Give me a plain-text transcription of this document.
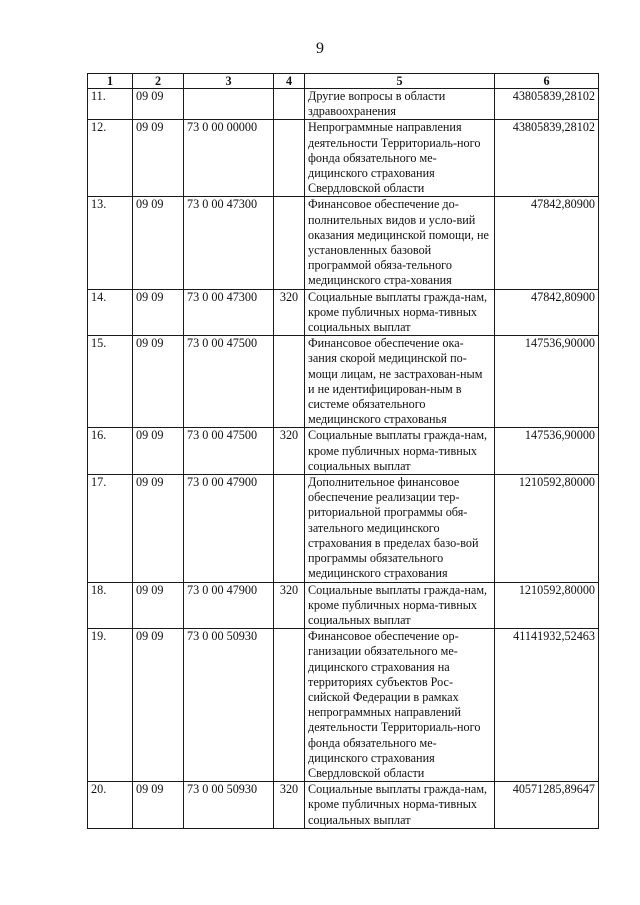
9
1	2	3	4	5	6
11.	09 09			Другие вопросы в области здравоохранения	43805839,28102
12.	09 09	73 0 00 00000		Непрограммные направления деятельности Территориаль-ного фонда обязательного ме-дицинского страхования Свердловской области	43805839,28102
13.	09 09	73 0 00 47300		Финансовое обеспечение до-полнительных видов и усло-вий оказания медицинской помощи, не установленных базовой программой обяза-тельного медицинского стра-хования	47842,80900
14.	09 09	73 0 00 47300	320	Социальные выплаты гражда-нам, кроме публичных норма-тивных социальных выплат	47842,80900
15.	09 09	73 0 00 47500		Финансовое обеспечение ока-зания скорой медицинской по-мощи лицам, не застрахован-ным и не идентифицирован-ным в системе обязательного медицинского страхованья	147536,90000
16.	09 09	73 0 00 47500	320	Социальные выплаты гражда-нам, кроме публичных норма-тивных социальных выплат	147536,90000
17.	09 09	73 0 00 47900		Дополнительное финансовое обеспечение реализации тер-риториальной программы обя-зательного медицинского страхования в пределах базо-вой программы обязательного медицинского страхования	1210592,80000
18.	09 09	73 0 00 47900	320	Социальные выплаты гражда-нам, кроме публичных норма-тивных социальных выплат	1210592,80000
19.	09 09	73 0 00 50930		Финансовое обеспечение ор-ганизации обязательного ме-дицинского страхования на территориях субъектов Рос-сийской Федерации в рамках непрограммных направлений деятельности Территориаль-ного фонда обязательного ме-дицинского страхования Свердловской области	41141932,52463
20.	09 09	73 0 00 50930	320	Социальные выплаты гражда-нам, кроме публичных норма-тивных социальных выплат	40571285,89647
